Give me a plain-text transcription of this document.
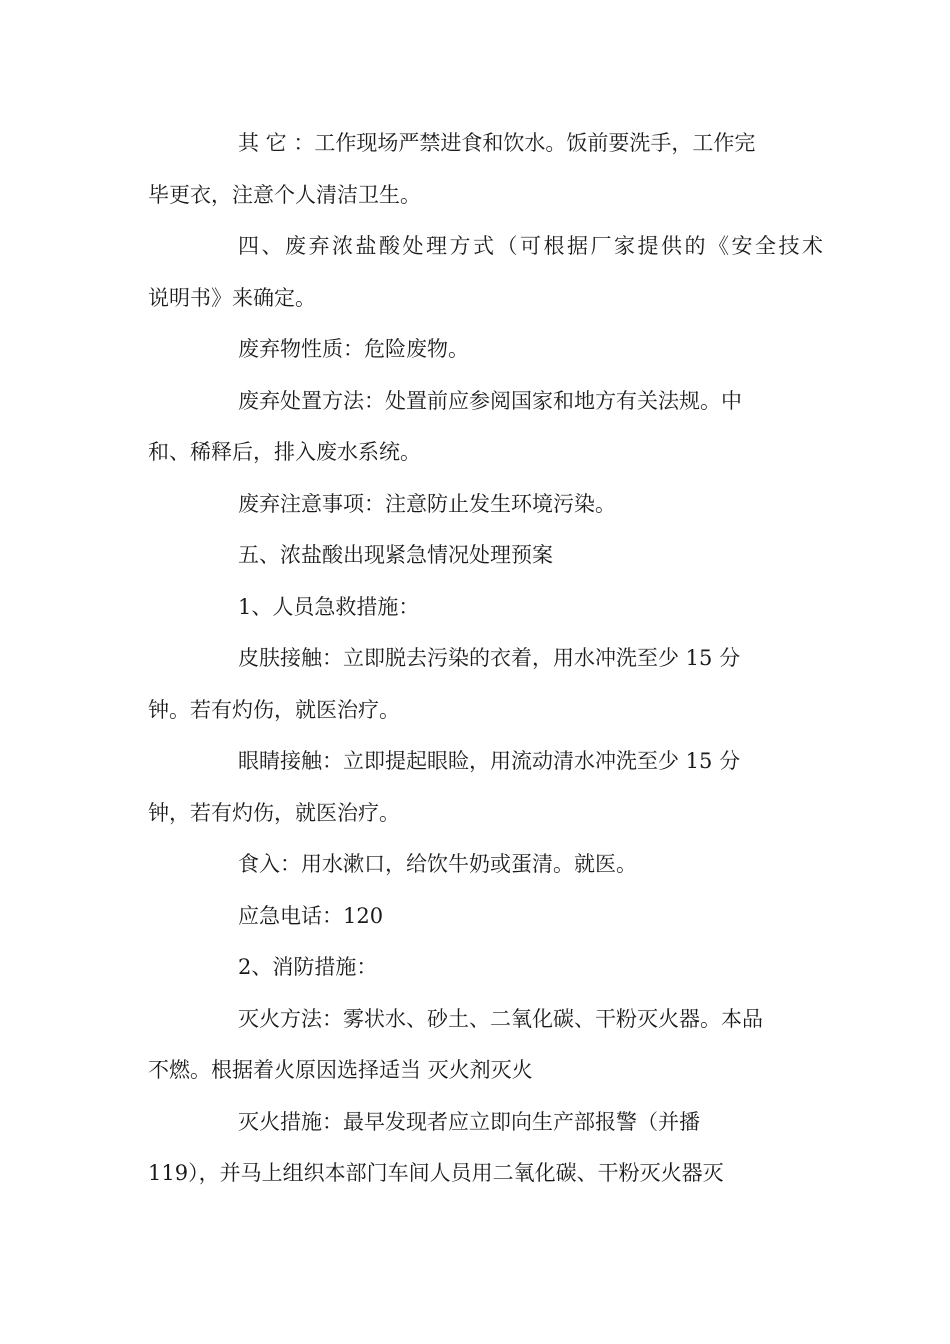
其 它 ：工作现场严禁进食和饮水。饭前要洗手，工作完
毕更衣，注意个人清洁卫生。
四、废弃浓盐酸处理方式（可根据厂家提供的《安全技术
说明书》来确定。
废弃物性质：危险废物。
废弃处置方法：处置前应参阅国家和地方有关法规。中
和、稀释后，排入废水系统。
废弃注意事项：注意防止发生环境污染。
五、浓盐酸出现紧急情况处理预案
1、人员急救措施：
皮肤接触：立即脱去污染的衣着，用水冲洗至少 15 分
钟。若有灼伤，就医治疗。
眼睛接触：立即提起眼睑，用流动清水冲洗至少 15 分
钟，若有灼伤，就医治疗。
食入：用水漱口，给饮牛奶或蛋清。就医。
应急电话：120
2、消防措施：
灭火方法：雾状水、砂土、二氧化碳、干粉灭火器。本品
不燃。根据着火原因选择适当 灭火剂灭火
灭火措施：最早发现者应立即向生产部报警（并播
119），并马上组织本部门车间人员用二氧化碳、干粉灭火器灭
